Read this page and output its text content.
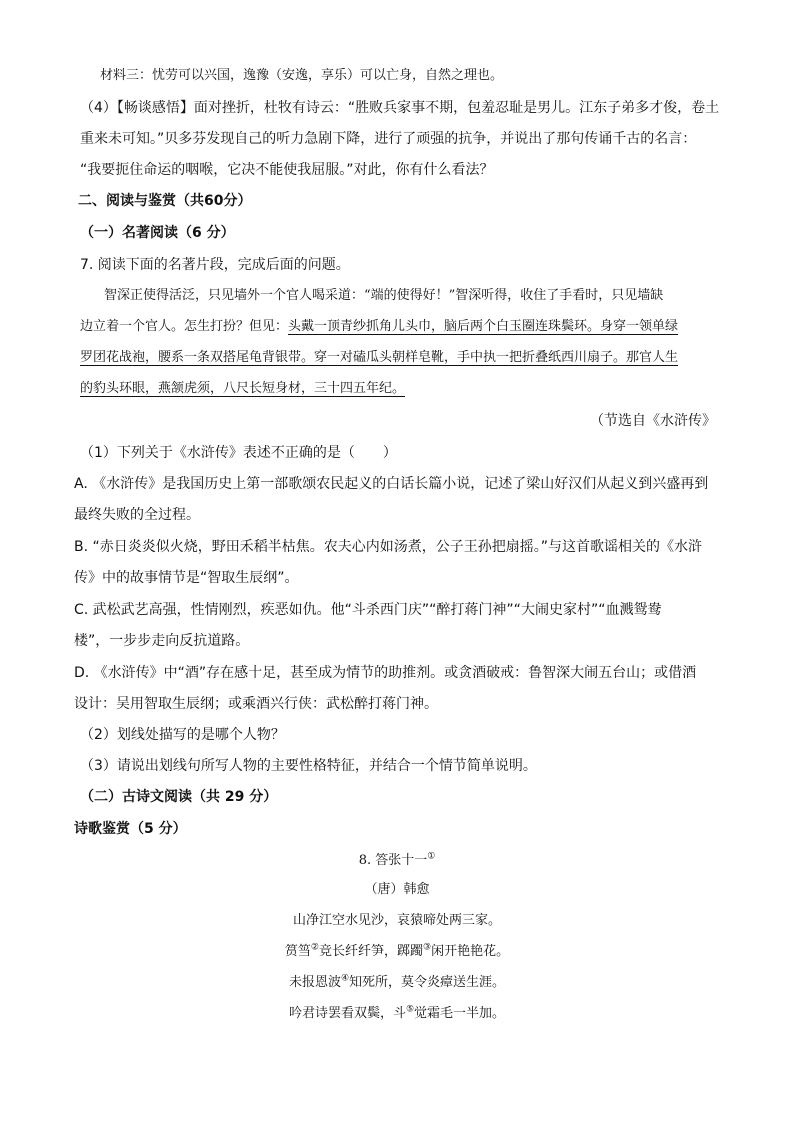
材料三：忧劳可以兴国，逸豫（安逸，享乐）可以亡身，自然之理也。
（4）【畅谈感悟】面对挫折，杜牧有诗云：“胜败兵家事不期，包羞忍耻是男儿。江东子弟多才俊，卷土
重来未可知。”贝多芬发现自己的听力急剧下降，进行了顽强的抗争，并说出了那句传诵千古的名言：
“我要扼住命运的咽喉，它决不能使我屈服。”对此，你有什么看法？
二、阅读与鉴赏（共60分）
（一）名著阅读（6 分）
7. 阅读下面的名著片段，完成后面的问题。
智深正使得活泛，只见墙外一个官人喝采道：“端的使得好！”智深听得，收住了手看时，只见墙缺
边立着一个官人。怎生打扮？但见：头戴一顶青纱抓角儿头巾，脑后两个白玉圈连珠鬓环。身穿一领单绿
罗团花战袍，腰系一条双搭尾龟背银带。穿一对磕瓜头朝样皂靴，手中执一把折叠纸西川扇子。那官人生
的豹头环眼，燕颔虎须，八尺长短身材，三十四五年纪。
（节选自《水浒传》
（1）下列关于《水浒传》表述不正确的是（　　）
A. 《水浒传》是我国历史上第一部歌颂农民起义的白话长篇小说，记述了梁山好汉们从起义到兴盛再到
最终失败的全过程。
B. “赤日炎炎似火烧，野田禾稻半枯焦。农夫心内如汤煮，公子王孙把扇摇。”与这首歌谣相关的《水浒
传》中的故事情节是“智取生辰纲”。
C. 武松武艺高强，性情刚烈，疾恶如仇。他“斗杀西门庆”“醉打蒋门神”“大闹史家村”“血溅鸳鸯
楼”，一步步走向反抗道路。
D. 《水浒传》中“酒”存在感十足，甚至成为情节的助推剂。或贪酒破戒：鲁智深大闹五台山；或借酒
设计：吴用智取生辰纲；或乘酒兴行侠：武松醉打蒋门神。
（2）划线处描写的是哪个人物？
（3）请说出划线句所写人物的主要性格特征，并结合一个情节简单说明。
（二）古诗文阅读（共 29 分）
诗歌鉴赏（5 分）
8. 答张十一①
（唐）韩愈
山净江空水见沙，哀猿啼处两三家。
筼筜②竞长纤纤笋，踯躅③闲开艳艳花。
未报恩波④知死所，莫令炎瘴送生涯。
吟君诗罢看双鬓，斗⑤觉霜毛一半加。
